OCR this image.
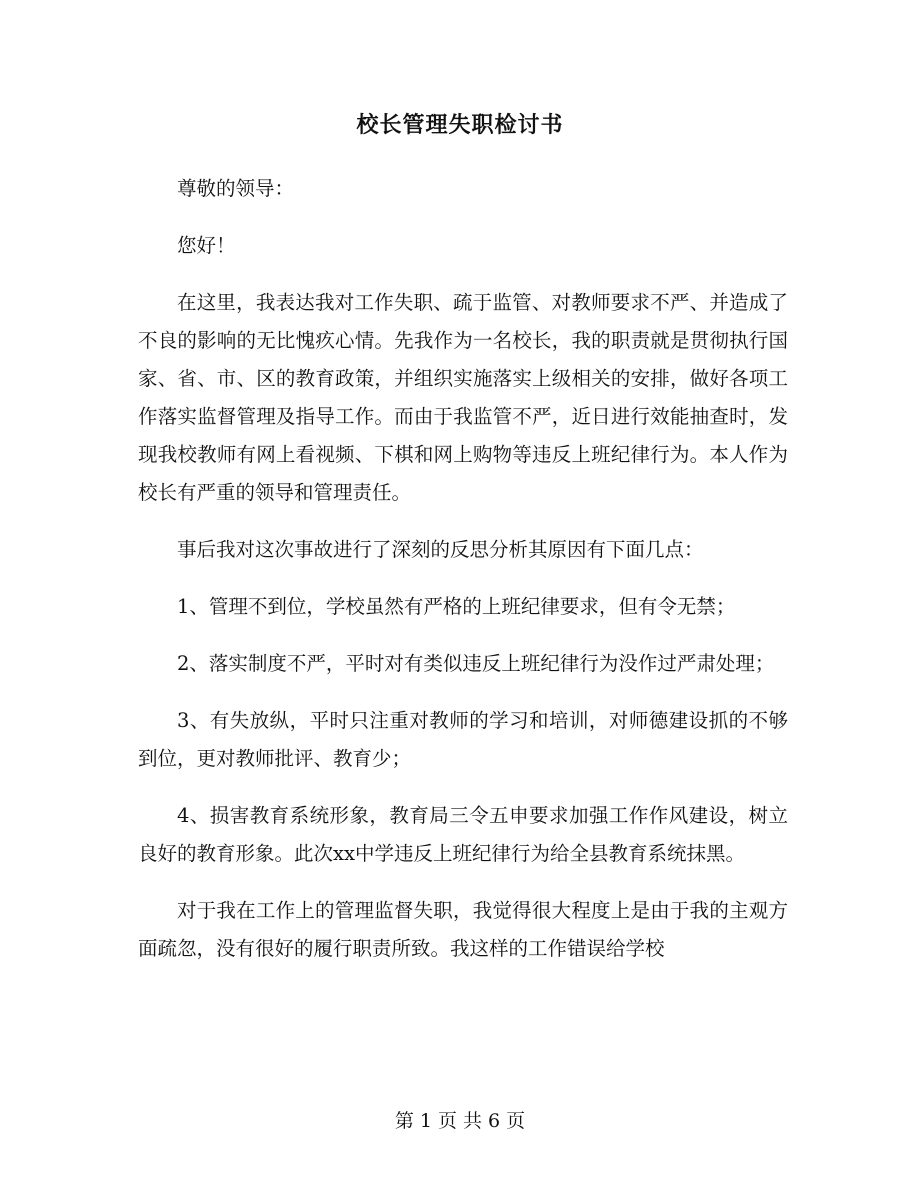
校长管理失职检讨书

尊敬的领导：

您好！

在这里，我表达我对工作失职、疏于监管、对教师要求不严、并造成了不良的影响的无比愧疚心情。先我作为一名校长，我的职责就是贯彻执行国家、省、市、区的教育政策，并组织实施落实上级相关的安排，做好各项工作落实监督管理及指导工作。而由于我监管不严，近日进行效能抽查时，发现我校教师有网上看视频、下棋和网上购物等违反上班纪律行为。本人作为校长有严重的领导和管理责任。

事后我对这次事故进行了深刻的反思分析其原因有下面几点：

1、管理不到位，学校虽然有严格的上班纪律要求，但有令无禁；

2、落实制度不严，平时对有类似违反上班纪律行为没作过严肃处理；

3、有失放纵，平时只注重对教师的学习和培训，对师德建设抓的不够到位，更对教师批评、教育少；

4、损害教育系统形象，教育局三令五申要求加强工作作风建设，树立良好的教育形象。此次xx中学违反上班纪律行为给全县教育系统抹黑。

对于我在工作上的管理监督失职，我觉得很大程度上是由于我的主观方面疏忽，没有很好的履行职责所致。我这样的工作错误给学校

第 1 页 共 6 页
